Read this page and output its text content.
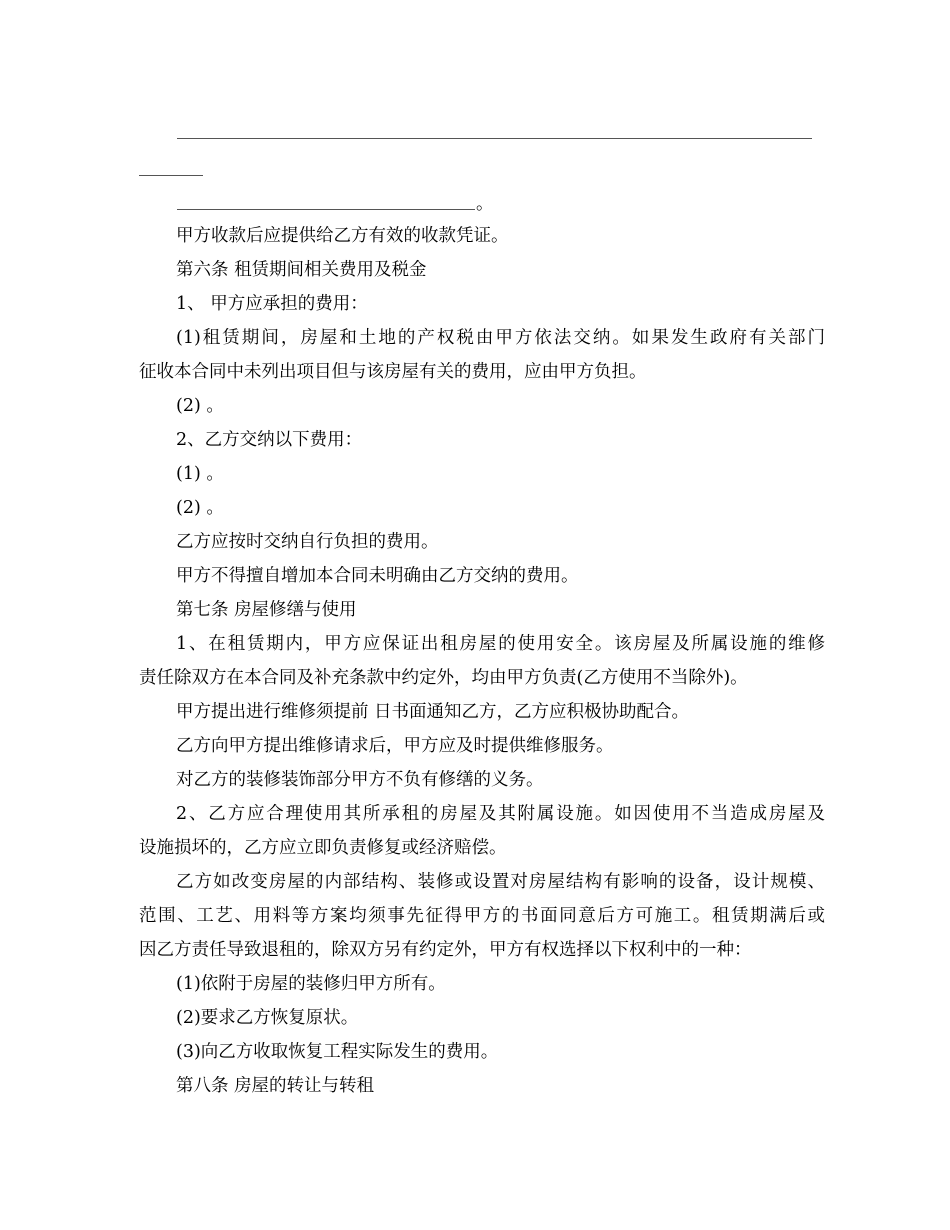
。
甲方收款后应提供给乙方有效的收款凭证。
第六条 租赁期间相关费用及税金
1、 甲方应承担的费用：
(1)租赁期间，房屋和土地的产权税由甲方依法交纳。如果发生政府有关部门
征收本合同中未列出项目但与该房屋有关的费用，应由甲方负担。
(2) 。
2、乙方交纳以下费用：
(1) 。
(2) 。
乙方应按时交纳自行负担的费用。
甲方不得擅自增加本合同未明确由乙方交纳的费用。
第七条 房屋修缮与使用
1、在租赁期内，甲方应保证出租房屋的使用安全。该房屋及所属设施的维修
责任除双方在本合同及补充条款中约定外，均由甲方负责(乙方使用不当除外)。
甲方提出进行维修须提前 日书面通知乙方，乙方应积极协助配合。
乙方向甲方提出维修请求后，甲方应及时提供维修服务。
对乙方的装修装饰部分甲方不负有修缮的义务。
2、乙方应合理使用其所承租的房屋及其附属设施。如因使用不当造成房屋及
设施损坏的，乙方应立即负责修复或经济赔偿。
乙方如改变房屋的内部结构、装修或设置对房屋结构有影响的设备，设计规模、
范围、工艺、用料等方案均须事先征得甲方的书面同意后方可施工。租赁期满后或
因乙方责任导致退租的，除双方另有约定外，甲方有权选择以下权利中的一种：
(1)依附于房屋的装修归甲方所有。
(2)要求乙方恢复原状。
(3)向乙方收取恢复工程实际发生的费用。
第八条 房屋的转让与转租
